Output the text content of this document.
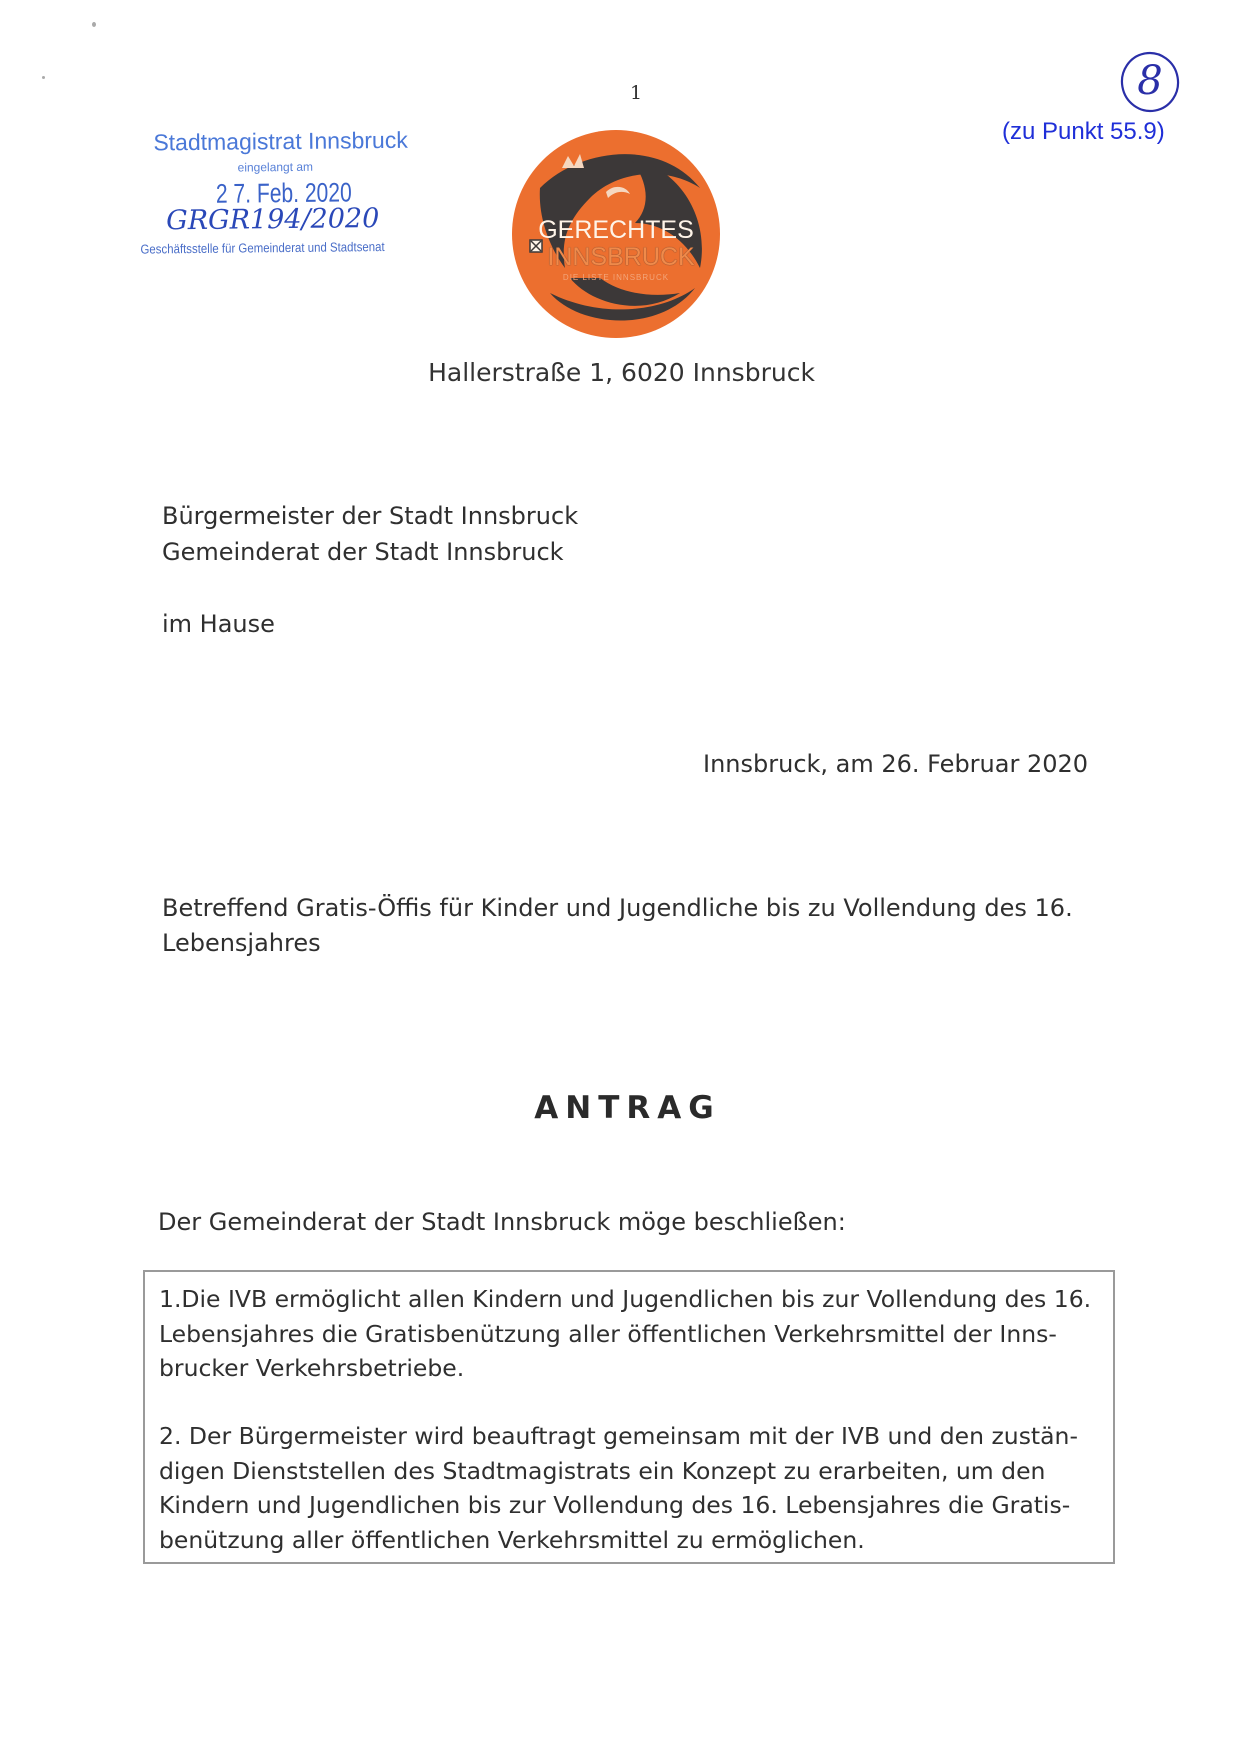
1	8
(zu Punkt 55.9)
Stadtmagistrat Innsbruck
eingelangt am
2 7. Feb. 2020
GRGR194/2020
Geschäftsstelle für Gemeinderat und Stadtsenat
GERECHTES
INNSBRUCK
DIE LISTE INNSBRUCK
Hallerstraße 1, 6020 Innsbruck
Bürgermeister der Stadt Innsbruck
Gemeinderat der Stadt Innsbruck
im Hause
Innsbruck, am 26. Februar 2020
Betreffend Gratis-Öffis für Kinder und Jugendliche bis zu Vollendung des 16.
Lebensjahres
ANTRAG
Der Gemeinderat der Stadt Innsbruck möge beschließen:
1.Die IVB ermöglicht allen Kindern und Jugendlichen bis zur Vollendung des 16.
Lebensjahres die Gratisbenützung aller öffentlichen Verkehrsmittel der Inns-
brucker Verkehrsbetriebe.
2. Der Bürgermeister wird beauftragt gemeinsam mit der IVB und den zustän-
digen Dienststellen des Stadtmagistrats ein Konzept zu erarbeiten, um den
Kindern und Jugendlichen bis zur Vollendung des 16. Lebensjahres die Gratis-
benützung aller öffentlichen Verkehrsmittel zu ermöglichen.
